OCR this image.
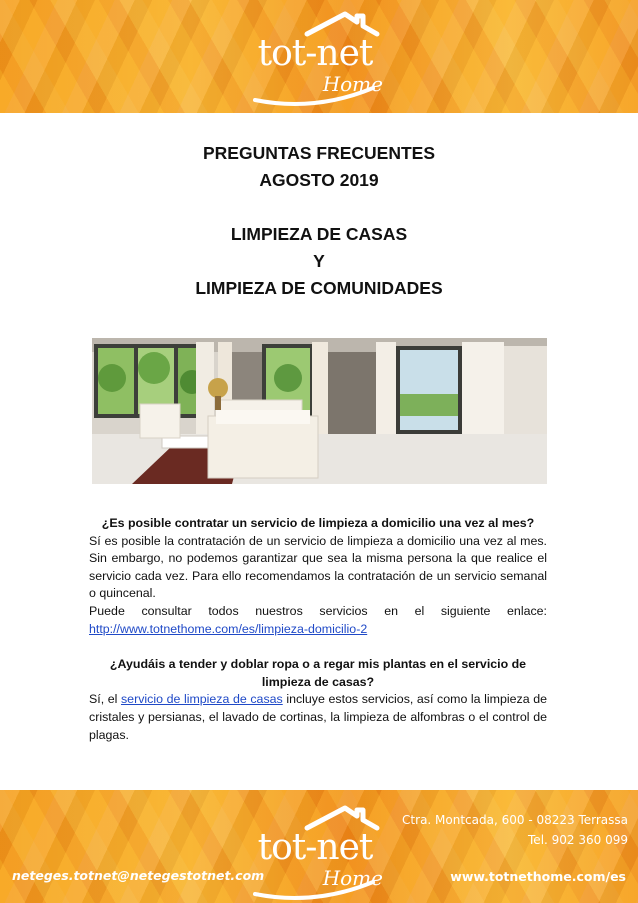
tot-net
Home
PREGUNTAS FRECUENTES
AGOSTO 2019
LIMPIEZA DE CASAS
Y
LIMPIEZA DE COMUNIDADES

¿Es posible contratar un servicio de limpieza a domicilio una vez al mes?

Sí es posible la contratación de un servicio de limpieza a domicilio una vez al mes. Sin embargo, no podemos garantizar que sea la misma persona la que realice el servicio cada vez. Para ello recomendamos la contratación de un servicio semanal o quincenal.

Puede consultar todos nuestros servicios en el siguiente enlace:

http://www.totnethome.com/es/limpieza-domicilio-2

¿Ayudáis a tender y doblar ropa o a regar mis plantas en el servicio de limpieza de casas?

Sí, el servicio de limpieza de casas incluye estos servicios, así como la limpieza de cristales y persianas, el lavado de cortinas, la limpieza de alfombras o el control de plagas.

tot-net
Home
Ctra. Montcada, 600 - 08223 Terrassa
Tel. 902 360 099
neteges.totnet@netegestotnet.com	www.totnethome.com/es
